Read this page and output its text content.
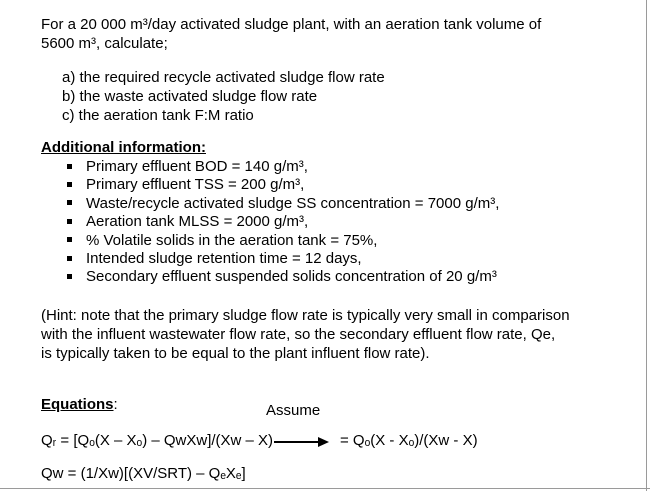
For a 20 000 m³/day activated sludge plant, with an aeration tank volume of
5600 m³, calculate;
a) the required recycle activated sludge flow rate
b) the waste activated sludge flow rate
c) the aeration tank F:M ratio
Additional information:
Primary effluent BOD = 140 g/m³,
Primary effluent TSS = 200 g/m³,
Waste/recycle activated sludge SS concentration = 7000 g/m³,
Aeration tank MLSS = 2000 g/m³,
% Volatile solids in the aeration tank = 75%,
Intended sludge retention time = 12 days,
Secondary effluent suspended solids concentration of 20 g/m³
(Hint: note that the primary sludge flow rate is typically very small in comparison
with the influent wastewater flow rate, so the secondary effluent flow rate, Qe,
is typically taken to be equal to the plant influent flow rate).
Equations:	Assume
Qᵣ = [Qₒ(X – Xₒ) – QwXw]/(Xw – X)	= Qₒ(X - Xₒ)/(Xw - X)
Qw = (1/Xw)[(XV/SRT) – QₑXₑ]
